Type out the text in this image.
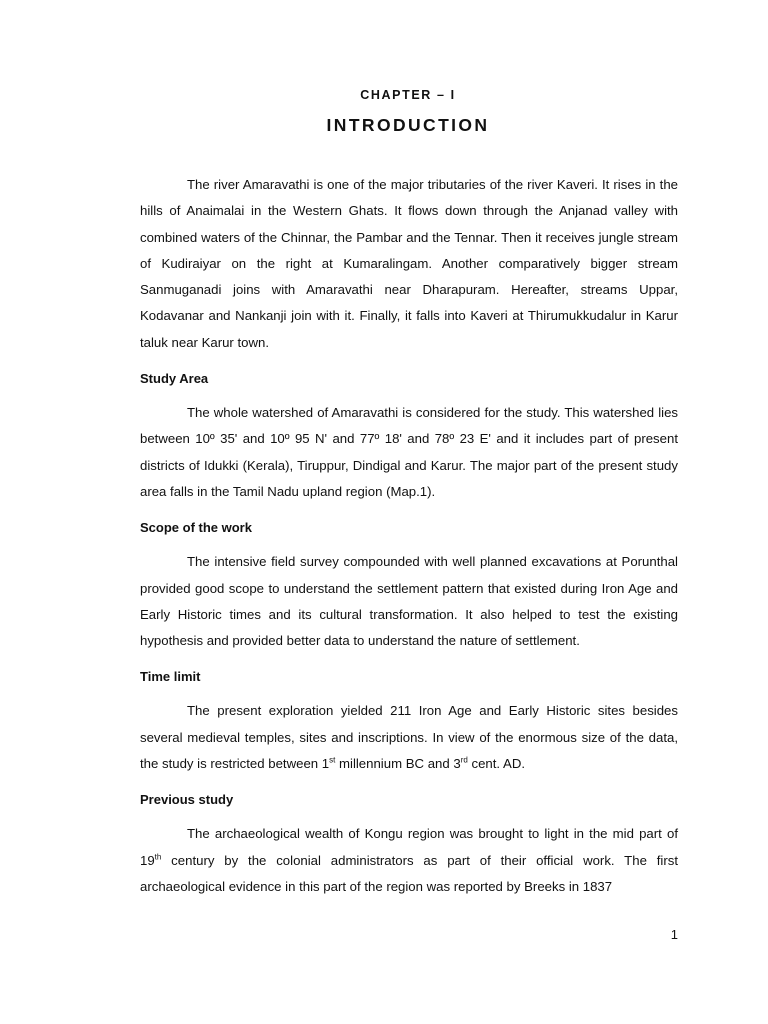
CHAPTER – I
INTRODUCTION

The river Amaravathi is one of the major tributaries of the river Kaveri. It rises in the hills of Anaimalai in the Western Ghats. It flows down through the Anjanad valley with combined waters of the Chinnar, the Pambar and the Tennar. Then it receives jungle stream of Kudiraiyar on the right at Kumaralingam. Another comparatively bigger stream Sanmuganadi joins with Amaravathi near Dharapuram. Hereafter, streams Uppar, Kodavanar and Nankanji join with it. Finally, it falls into Kaveri at Thirumukkudalur in Karur taluk near Karur town.

Study Area

The whole watershed of Amaravathi is considered for the study. This watershed lies between 10º 35' and 10º 95 N' and 77º 18' and 78º 23 E' and it includes part of present districts of Idukki (Kerala), Tiruppur, Dindigal and Karur. The major part of the present study area falls in the Tamil Nadu upland region (Map.1).

Scope of the work

The intensive field survey compounded with well planned excavations at Porunthal provided good scope to understand the settlement pattern that existed during Iron Age and Early Historic times and its cultural transformation. It also helped to test the existing hypothesis and provided better data to understand the nature of settlement.

Time limit

The present exploration yielded 211 Iron Age and Early Historic sites besides several medieval temples, sites and inscriptions. In view of the enormous size of the data, the study is restricted between 1st millennium BC and 3rd cent. AD.

Previous study

The archaeological wealth of Kongu region was brought to light in the mid part of 19th century by the colonial administrators as part of their official work. The first archaeological evidence in this part of the region was reported by Breeks in 1837

1
